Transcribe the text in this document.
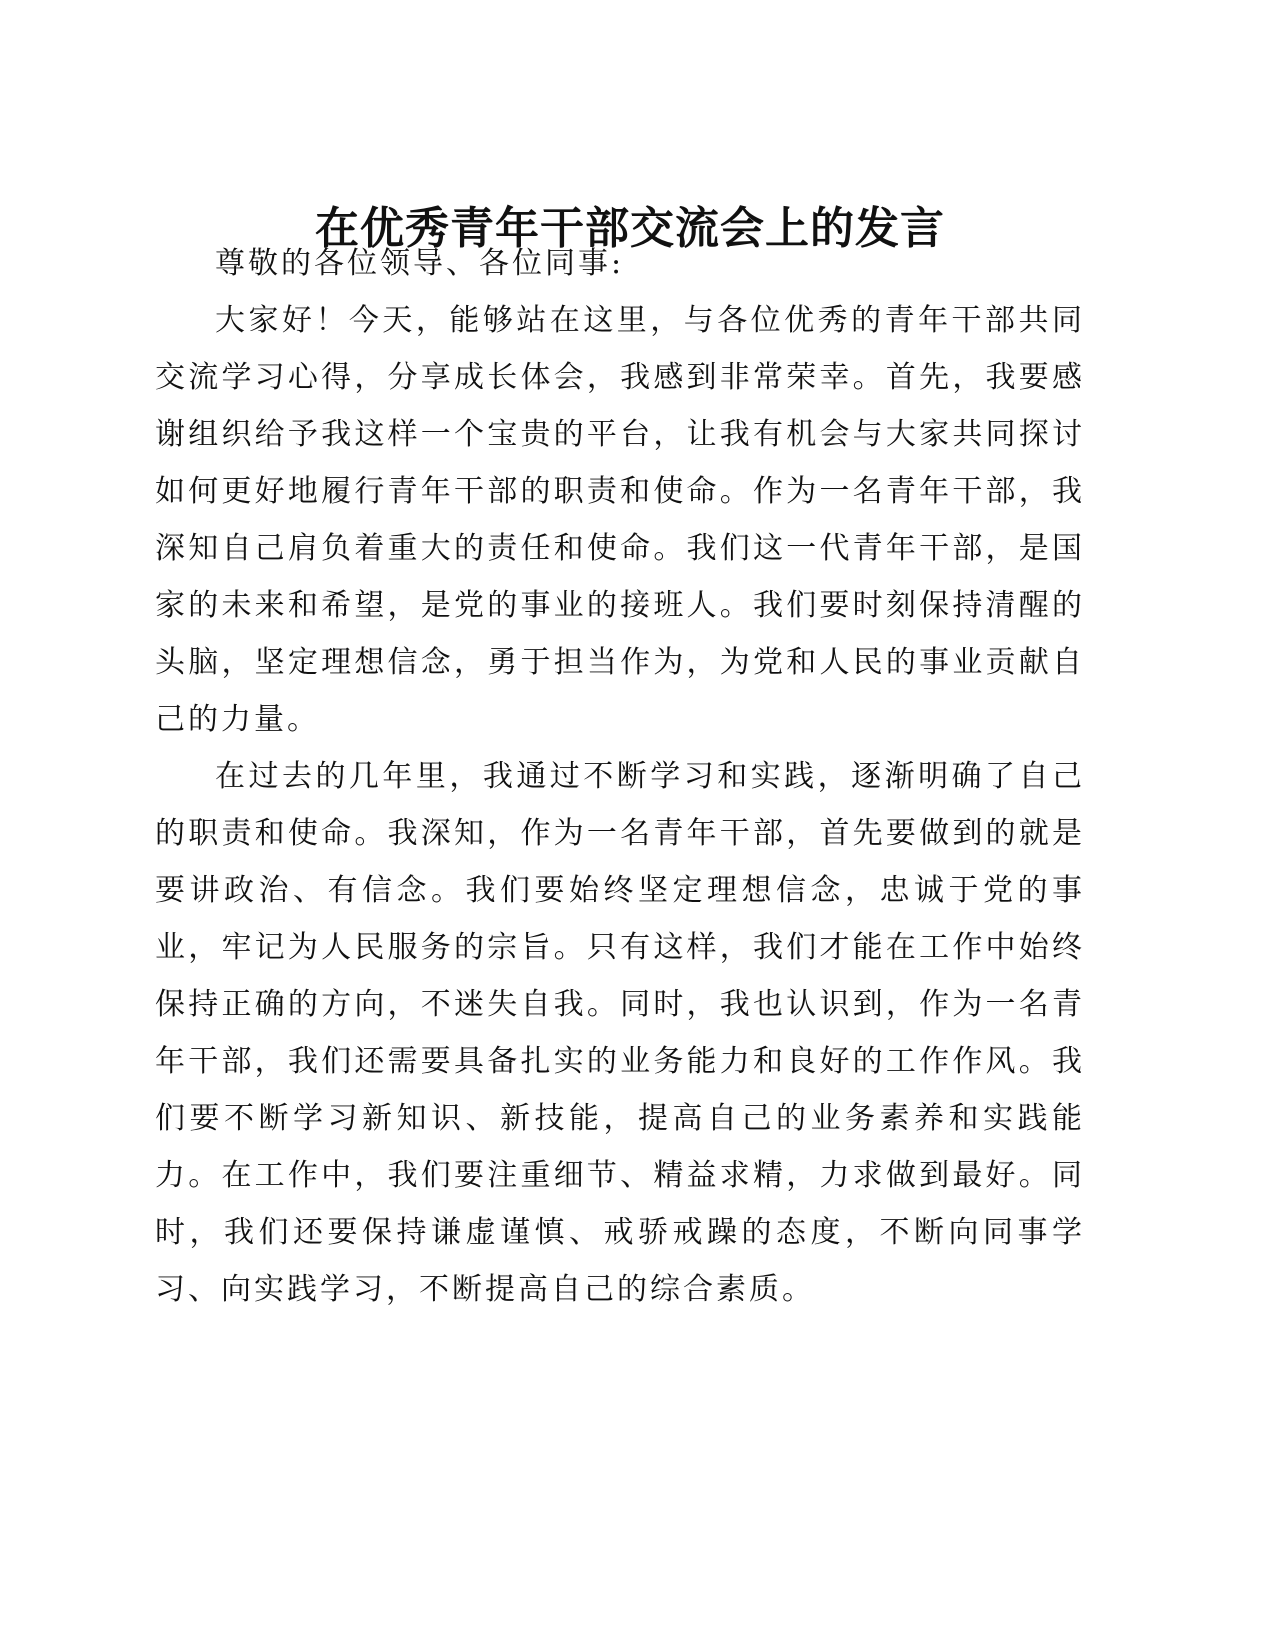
在优秀青年干部交流会上的发言

尊敬的各位领导、各位同事:

大家好！今天，能够站在这里，与各位优秀的青年干部共同交流学习心得，分享成长体会，我感到非常荣幸。首先，我要感谢组织给予我这样一个宝贵的平台，让我有机会与大家共同探讨如何更好地履行青年干部的职责和使命。作为一名青年干部，我深知自己肩负着重大的责任和使命。我们这一代青年干部，是国家的未来和希望，是党的事业的接班人。我们要时刻保持清醒的头脑，坚定理想信念，勇于担当作为，为党和人民的事业贡献自己的力量。

在过去的几年里，我通过不断学习和实践，逐渐明确了自己的职责和使命。我深知，作为一名青年干部，首先要做到的就是要讲政治、有信念。我们要始终坚定理想信念，忠诚于党的事业，牢记为人民服务的宗旨。只有这样，我们才能在工作中始终保持正确的方向，不迷失自我。同时，我也认识到，作为一名青年干部，我们还需要具备扎实的业务能力和良好的工作作风。我们要不断学习新知识、新技能，提高自己的业务素养和实践能力。在工作中，我们要注重细节、精益求精，力求做到最好。同时，我们还要保持谦虚谨慎、戒骄戒躁的态度，不断向同事学习、向实践学习，不断提高自己的综合素质。
